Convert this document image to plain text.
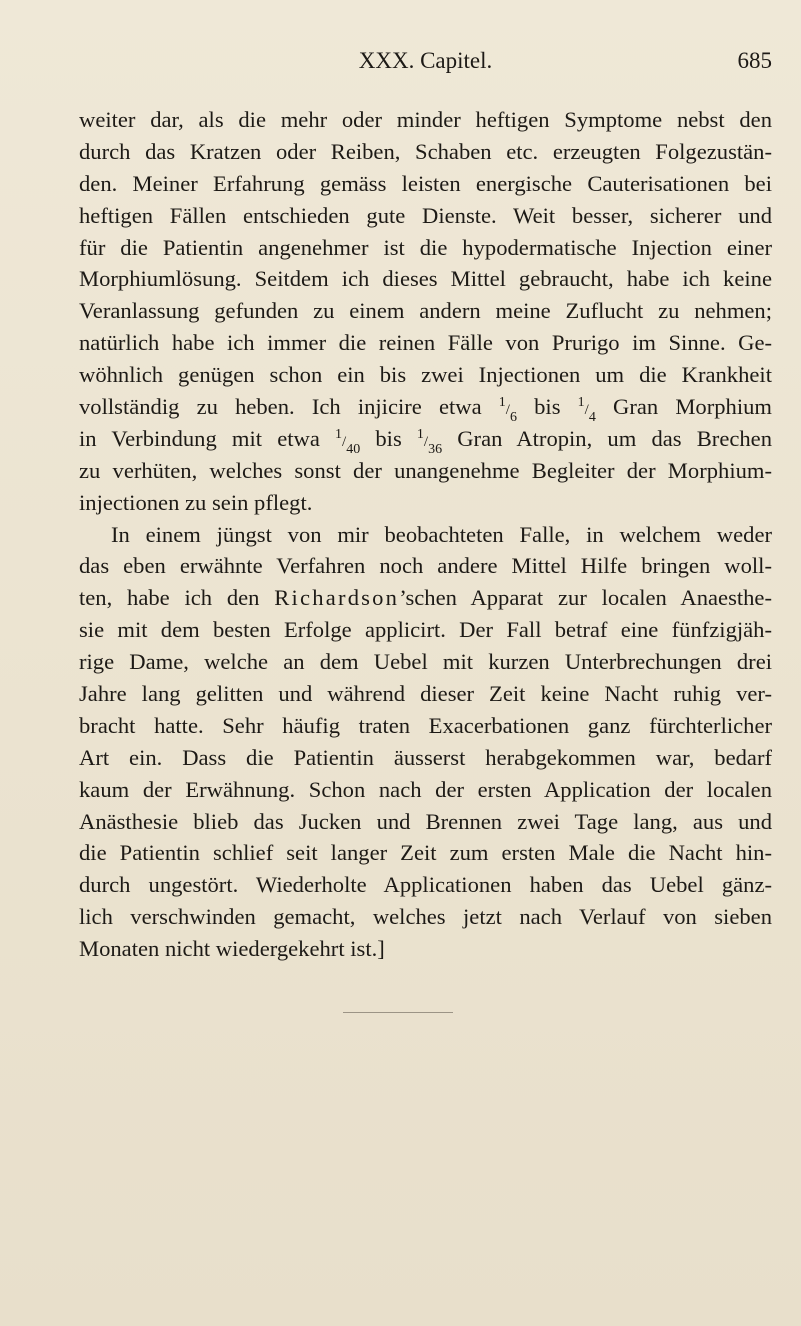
XXX. Capitel.	685
weiter dar, als die mehr oder minder heftigen Symptome nebst den
durch das Kratzen oder Reiben, Schaben etc. erzeugten Folgezustän-
den. Meiner Erfahrung gemäss leisten energische Cauterisationen bei
heftigen Fällen entschieden gute Dienste. Weit besser, sicherer und
für die Patientin angenehmer ist die hypodermatische Injection einer
Morphiumlösung. Seitdem ich dieses Mittel gebraucht, habe ich keine
Veranlassung gefunden zu einem andern meine Zuflucht zu nehmen;
natürlich habe ich immer die reinen Fälle von Prurigo im Sinne. Ge-
wöhnlich genügen schon ein bis zwei Injectionen um die Krankheit
vollständig zu heben. Ich injicire etwa $^1/_6$ bis $^1/_4$ Gran Morphium
in Verbindung mit etwa $^1/_{40}$ bis $^1/_{36}$ Gran Atropin, um das Brechen
zu verhüten, welches sonst der unangenehme Begleiter der Morphium-
injectionen zu sein pflegt.
In einem jüngst von mir beobachteten Falle, in welchem weder
das eben erwähnte Verfahren noch andere Mittel Hilfe bringen woll-
ten, habe ich den Richardson’schen Apparat zur localen Anaesthe-
sie mit dem besten Erfolge applicirt. Der Fall betraf eine fünfzigjäh-
rige Dame, welche an dem Uebel mit kurzen Unterbrechungen drei
Jahre lang gelitten und während dieser Zeit keine Nacht ruhig ver-
bracht hatte. Sehr häufig traten Exacerbationen ganz fürchterlicher
Art ein. Dass die Patientin äusserst herabgekommen war, bedarf
kaum der Erwähnung. Schon nach der ersten Application der localen
Anästhesie blieb das Jucken und Brennen zwei Tage lang, aus und
die Patientin schlief seit langer Zeit zum ersten Male die Nacht hin-
durch ungestört. Wiederholte Applicationen haben das Uebel gänz-
lich verschwinden gemacht, welches jetzt nach Verlauf von sieben
Monaten nicht wiedergekehrt ist.]
